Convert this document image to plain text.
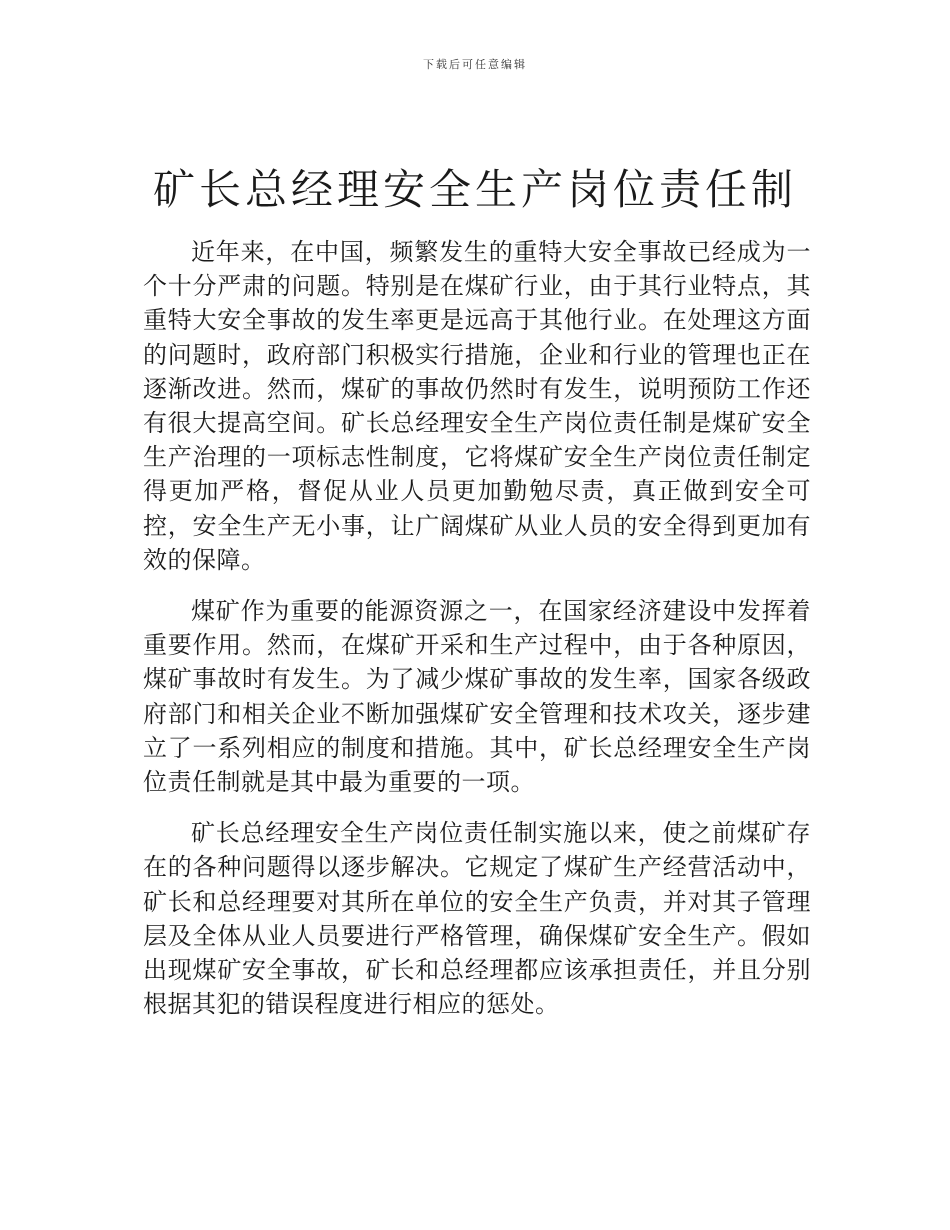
下载后可任意编辑
矿长总经理安全生产岗位责任制

近年来，在中国，频繁发生的重特大安全事故已经成为一个十分严肃的问题。特别是在煤矿行业，由于其行业特点，其重特大安全事故的发生率更是远高于其他行业。在处理这方面的问题时，政府部门积极实行措施，企业和行业的管理也正在逐渐改进。然而，煤矿的事故仍然时有发生，说明预防工作还有很大提高空间。矿长总经理安全生产岗位责任制是煤矿安全生产治理的一项标志性制度，它将煤矿安全生产岗位责任制定得更加严格，督促从业人员更加勤勉尽责，真正做到安全可控，安全生产无小事，让广阔煤矿从业人员的安全得到更加有效的保障。

煤矿作为重要的能源资源之一，在国家经济建设中发挥着重要作用。然而，在煤矿开采和生产过程中，由于各种原因，煤矿事故时有发生。为了减少煤矿事故的发生率，国家各级政府部门和相关企业不断加强煤矿安全管理和技术攻关，逐步建立了一系列相应的制度和措施。其中，矿长总经理安全生产岗位责任制就是其中最为重要的一项。

矿长总经理安全生产岗位责任制实施以来，使之前煤矿存在的各种问题得以逐步解决。它规定了煤矿生产经营活动中，矿长和总经理要对其所在单位的安全生产负责，并对其子管理层及全体从业人员要进行严格管理，确保煤矿安全生产。假如出现煤矿安全事故，矿长和总经理都应该承担责任，并且分别根据其犯的错误程度进行相应的惩处。
